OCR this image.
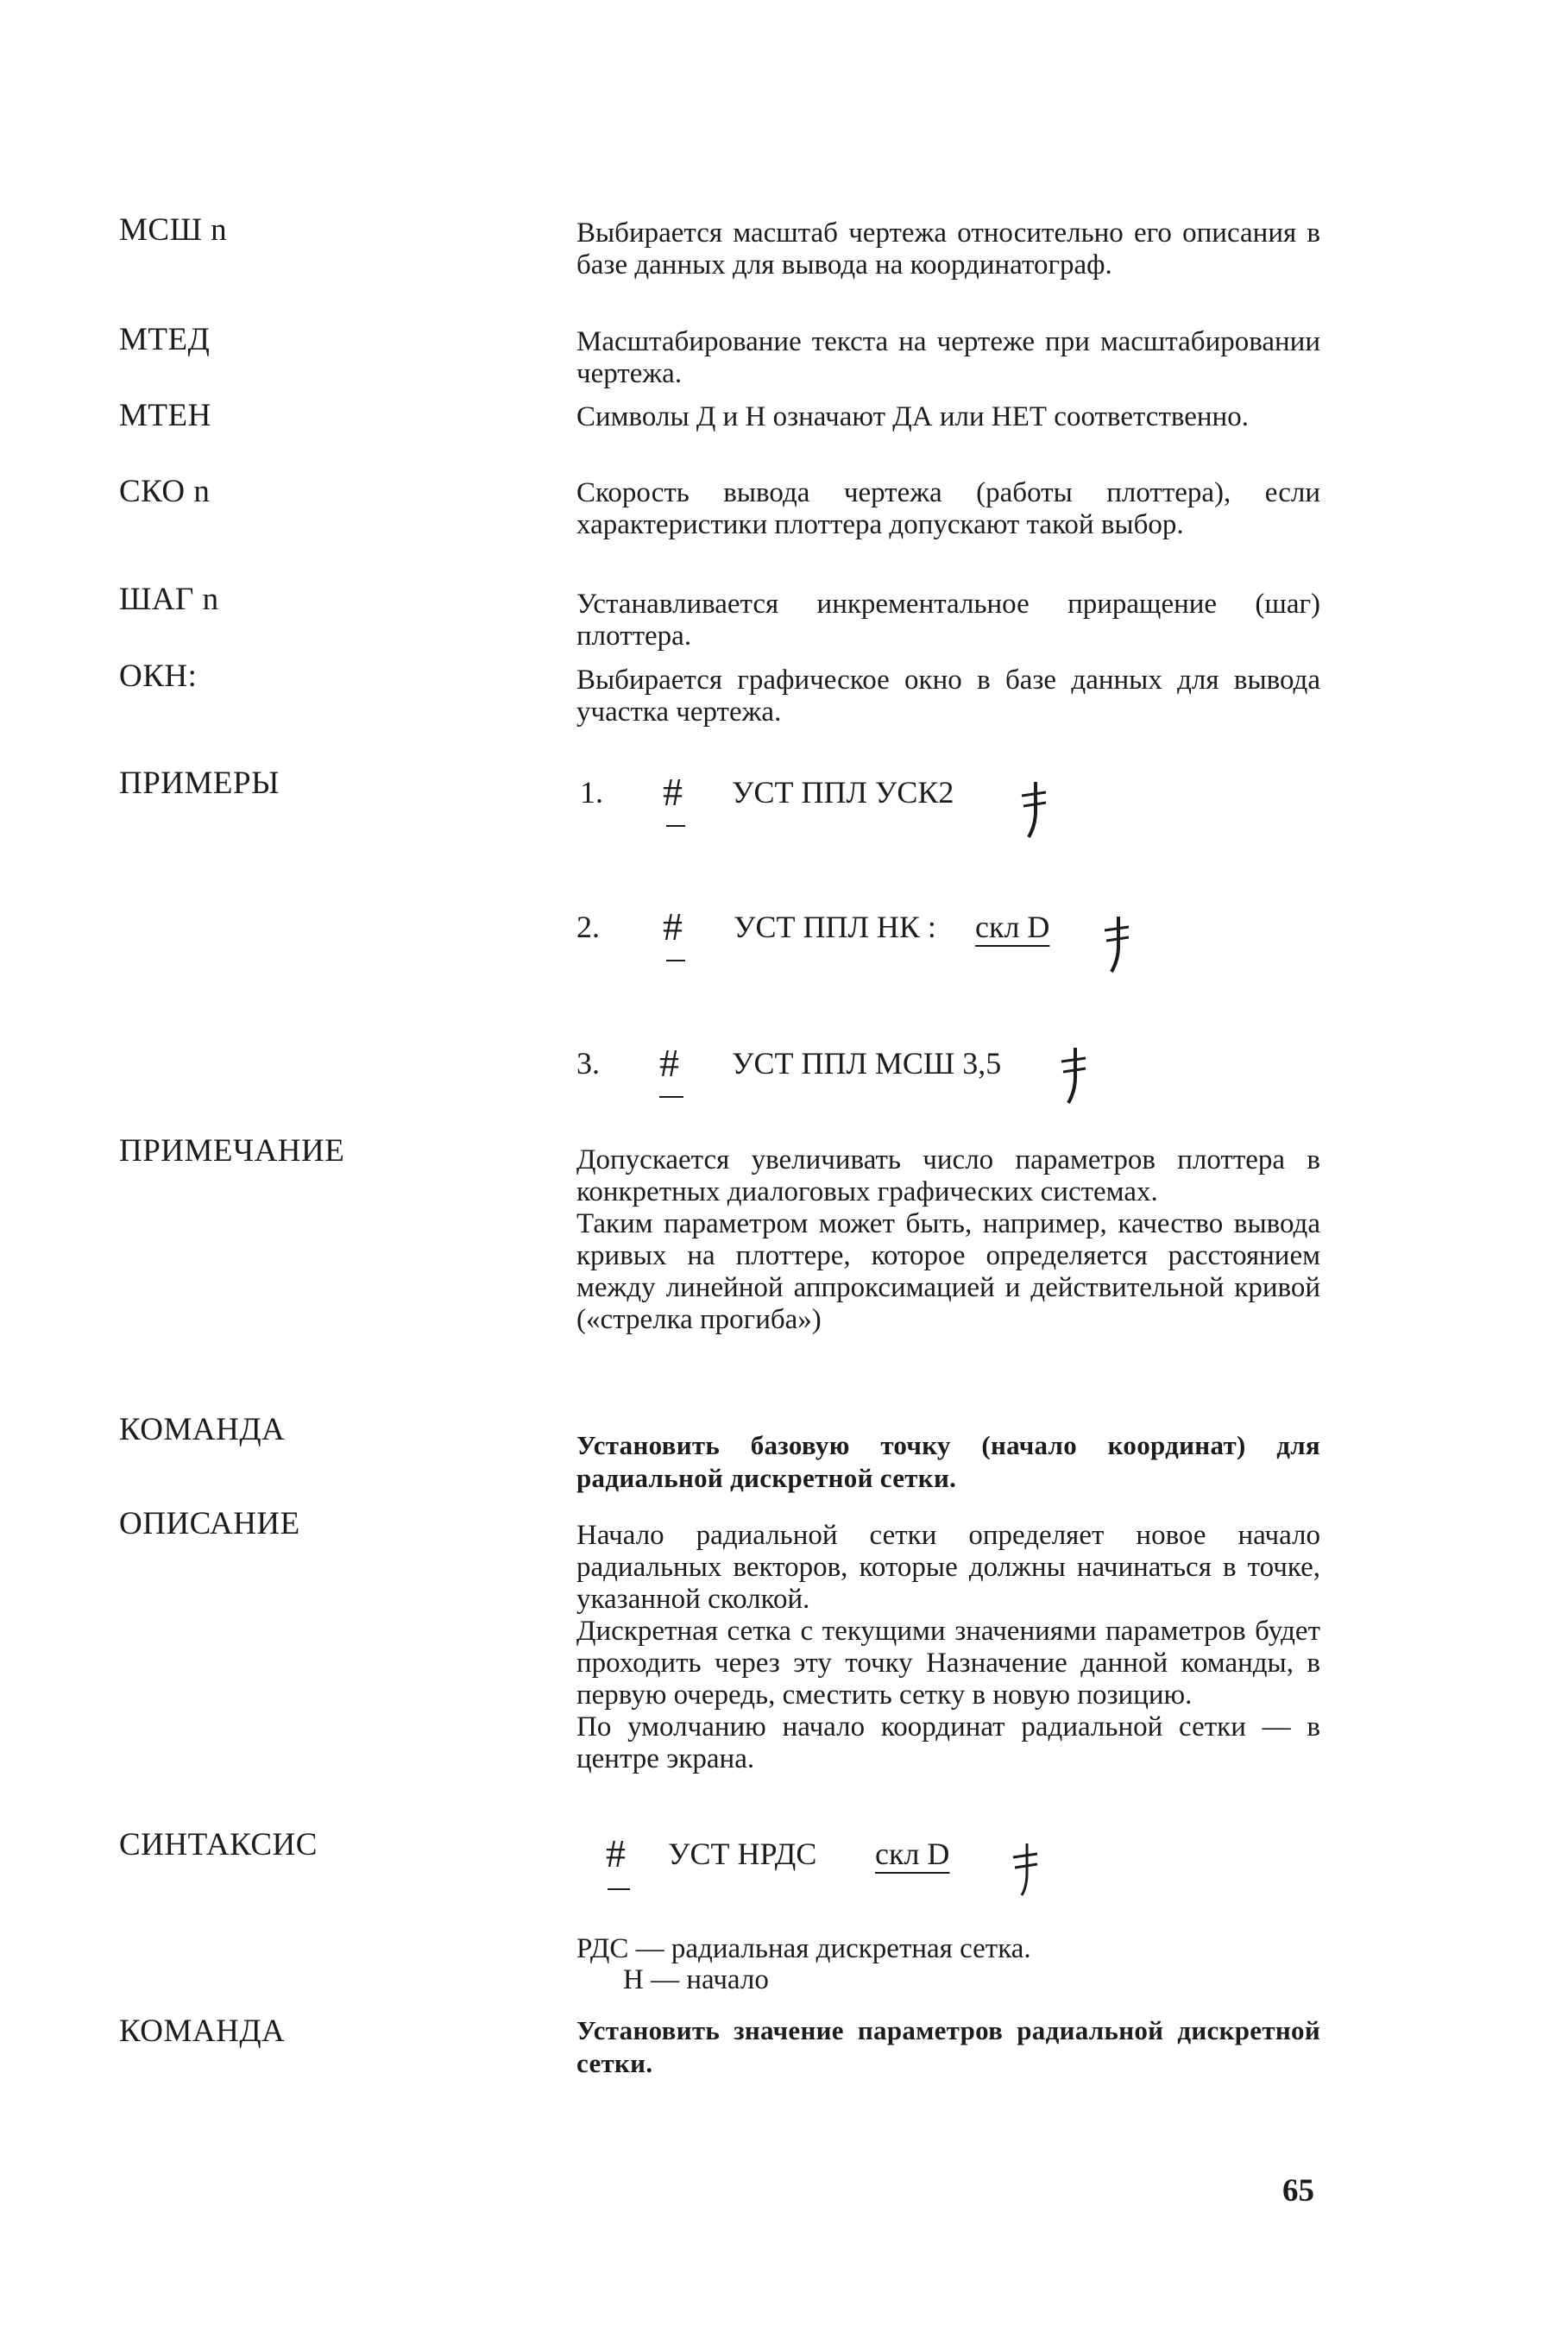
МСШ n	Выбирается масштаб чертежа относительно его описания в базе данных для вывода на координатограф.
МТЕД	Масштабирование текста на чертеже при масштабировании чертежа.
МТЕН	Символы Д и Н означают ДА или НЕТ соответственно.
СКО n	Скорость вывода чертежа (работы плоттера), если характеристики плоттера допускают такой выбор.
ШАГ n	Устанавливается инкрементальное приращение (шаг) плоттера.
ОКН:	Выбирается графическое окно в базе данных для вывода участка чертежа.
ПРИМЕРЫ	1. # УСТ ППЛ УСК2
2. # УСТ ППЛ НК : скл D
3. # УСТ ППЛ МСШ 3,5
ПРИМЕЧАНИЕ	Допускается увеличивать число параметров плоттера в конкретных диалоговых графических системах.

Таким параметром может быть, например, качество вывода кривых на плоттере, которое определяется расстоянием между линейной аппроксимацией и действительной кривой («стрелка прогиба»)

КОМАНДА	Установить базовую точку (начало координат) для радиальной дискретной сетки.
ОПИСАНИЕ	Начало радиальной сетки определяет новое начало радиальных векторов, которые должны начинаться в точке, указанной сколкой.

Дискретная сетка с текущими значениями параметров будет проходить через эту точку Назначение данной команды, в первую очередь, сместить сетку в новую позицию.

По умолчанию начало координат радиальной сетки — в центре экрана.

СИНТАКСИС	# УСТ НРДС скл D
РДС — радиальная дискретная сетка.
Н — начало
КОМАНДА	Установить значение параметров радиальной дискретной сетки.
65
